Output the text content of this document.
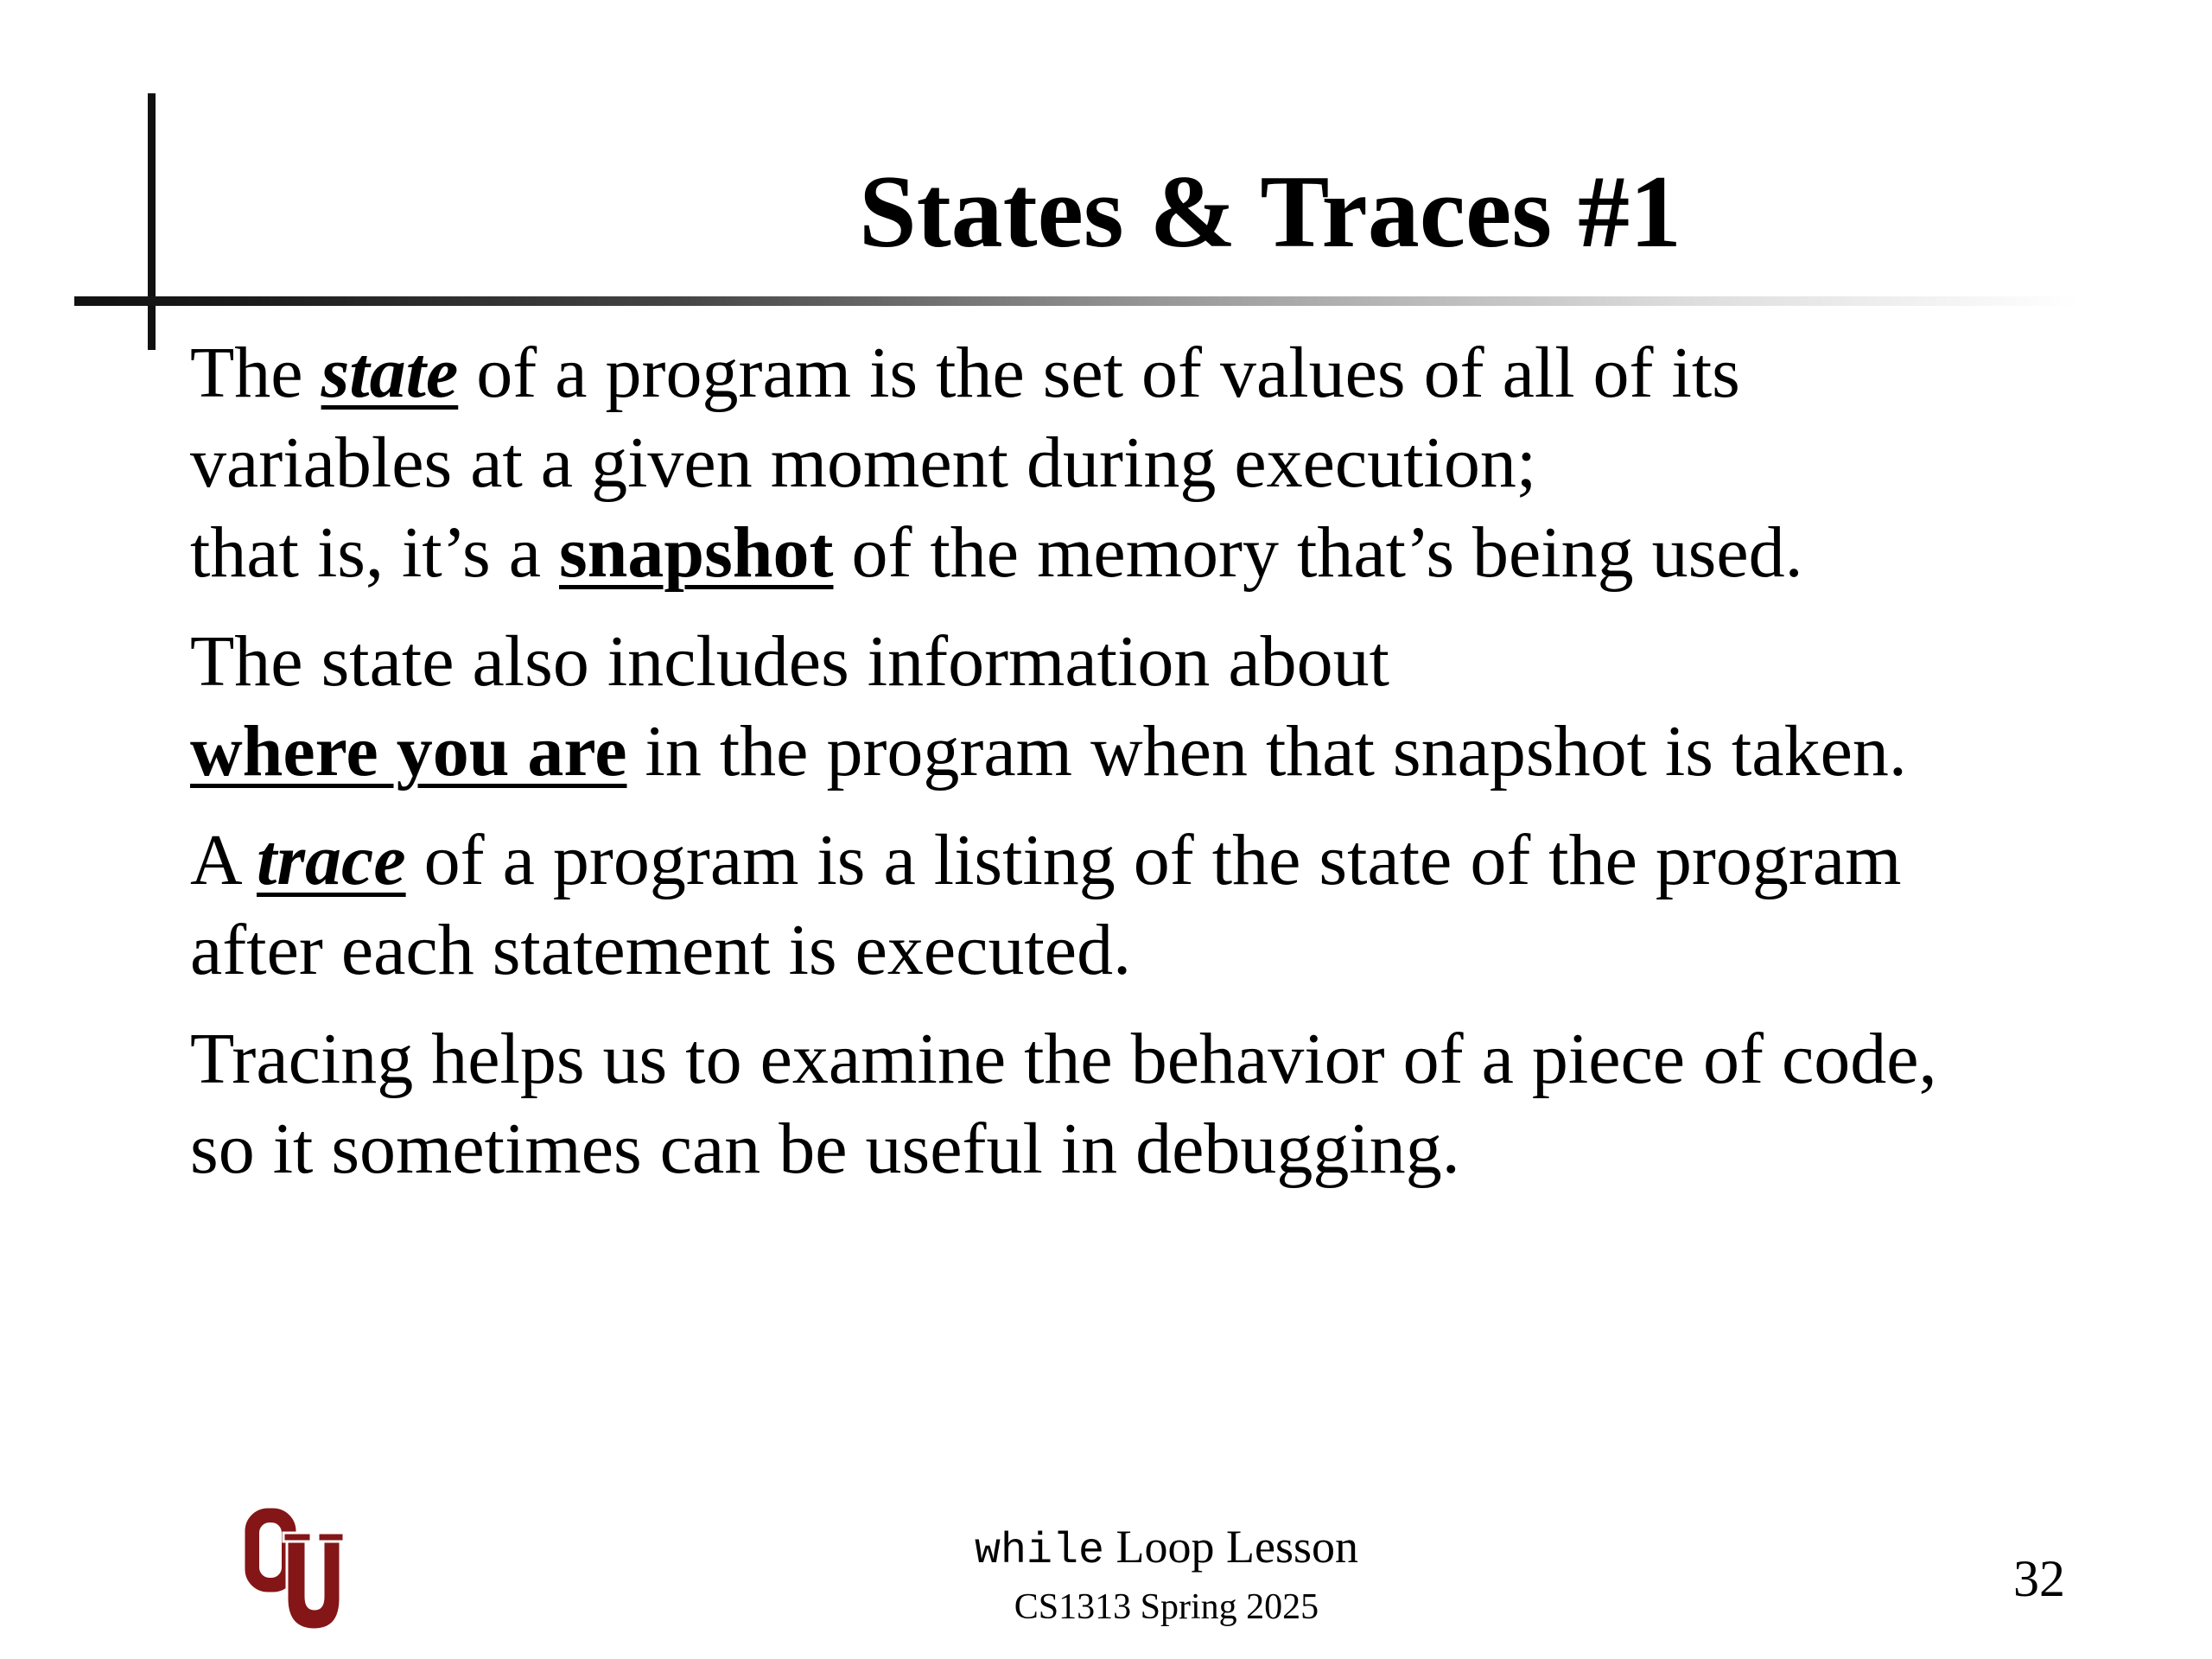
States & Traces #1
The state of a program is the set of values of all of its
variables at a given moment during execution;
that is, it’s a snapshot of the memory that’s being used.
The state also includes information about
where you are in the program when that snapshot is taken.
A trace of a program is a listing of the state of the program
after each statement is executed.
Tracing helps us to examine the behavior of a piece of code,
so it sometimes can be useful in debugging.
while Loop Lesson
CS1313 Spring 2025	32
